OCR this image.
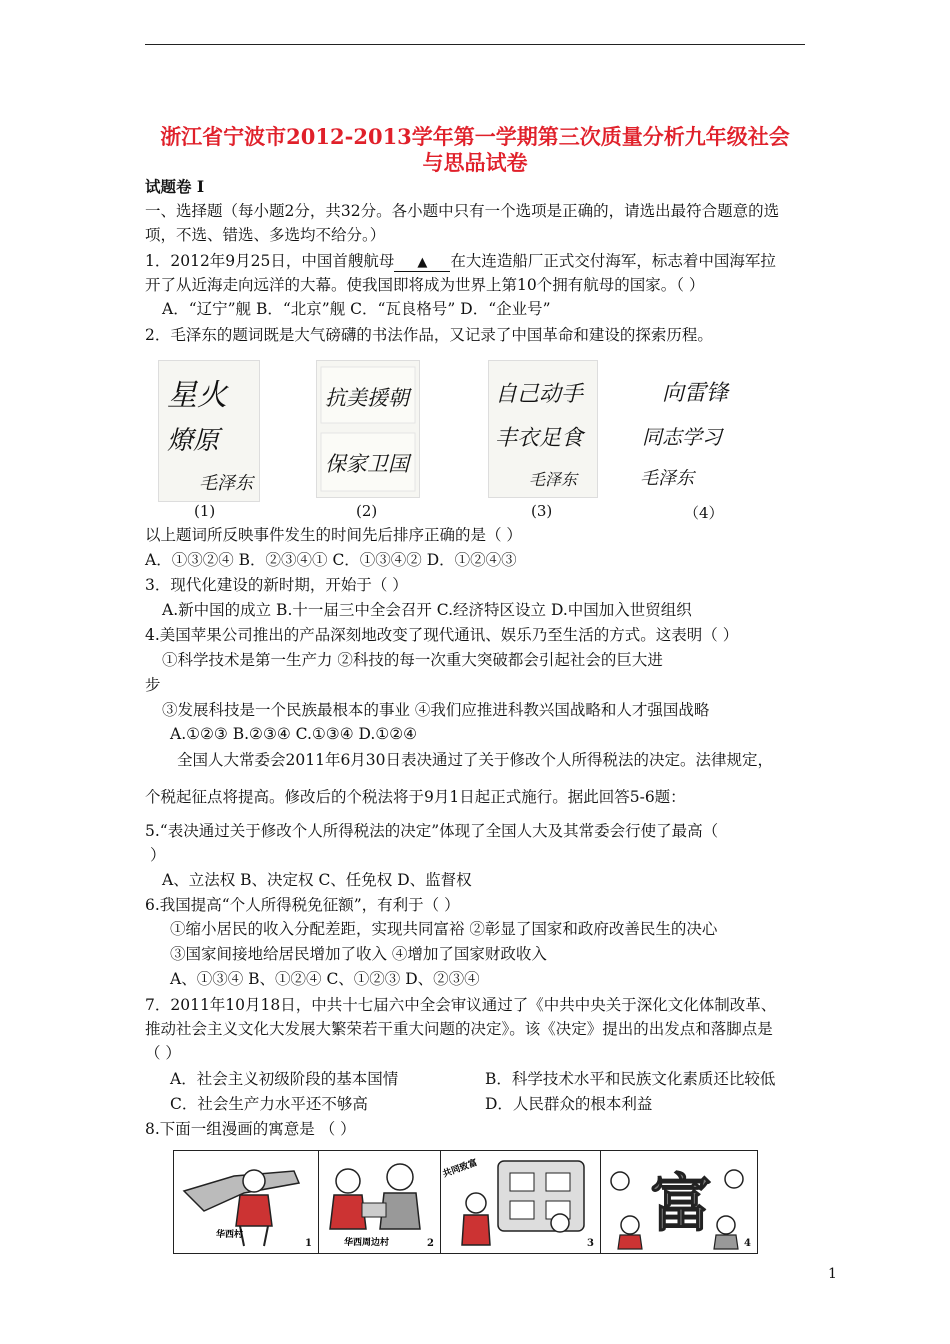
浙江省宁波市2012-2013学年第一学期第三次质量分析九年级社会
与思品试卷
试题卷 I
一、选择题（每小题2分，共32分。各小题中只有一个选项是正确的，请选出最符合题意的选
项，不选、错选、多选均不给分。）
1．2012年9月25日，中国首艘航母 ▲ 在大连造船厂正式交付海军，标志着中国海军拉
开了从近海走向远洋的大幕。使我国即将成为世界上第10个拥有航母的国家。（ ）
A．“辽宁”舰 B．“北京”舰 C．“瓦良格号” D．“企业号”
2．毛泽东的题词既是大气磅礴的书法作品，又记录了中国革命和建设的探索历程。
星火
燎原
毛泽东
抗美援朝
保家卫国
自己动手
丰衣足食
毛泽东
向雷锋
同志学习
毛泽东
(1)	(2)	(3)	（4）
以上题词所反映事件发生的时间先后排序正确的是（ ）
A．①③②④ B．②③④① C．①③④② D．①②④③
3．现代化建设的新时期，开始于（ ）
A.新中国的成立 B.十一届三中全会召开 C.经济特区设立 D.中国加入世贸组织
4.美国苹果公司推出的产品深刻地改变了现代通讯、娱乐乃至生活的方式。这表明（ ）
①科学技术是第一生产力 ②科技的每一次重大突破都会引起社会的巨大进
步
③发展科技是一个民族最根本的事业 ④我们应推进科教兴国战略和人才强国战略
A.①②③ B.②③④ C.①③④ D.①②④
全国人大常委会2011年6月30日表决通过了关于修改个人所得税法的决定。法律规定，
个税起征点将提高。修改后的个税法将于9月1日起正式施行。据此回答5-6题：
5.“表决通过关于修改个人所得税法的决定”体现了全国人大及其常委会行使了最高（
）
A、立法权 B、决定权 C、任免权 D、监督权
6.我国提高“个人所得税免征额”，有利于（ ）
①缩小居民的收入分配差距，实现共同富裕 ②彰显了国家和政府改善民生的决心
③国家间接地给居民增加了收入 ④增加了国家财政收入
A、①③④ B、①②④ C、①②③ D、②③④
7．2011年10月18日，中共十七届六中全会审议通过了《中共中央关于深化文化体制改革、
推动社会主义文化大发展大繁荣若干重大问题的决定》。该《决定》提出的出发点和落脚点是
（ ）
A．社会主义初级阶段的基本国情	B．科学技术水平和民族文化素质还比较低
C．社会生产力水平还不够高	D．人民群众的根本利益
8.下面一组漫画的寓意是 （ ）
华西村
1	华西周边村	2
共同致富
3
富
4
1
